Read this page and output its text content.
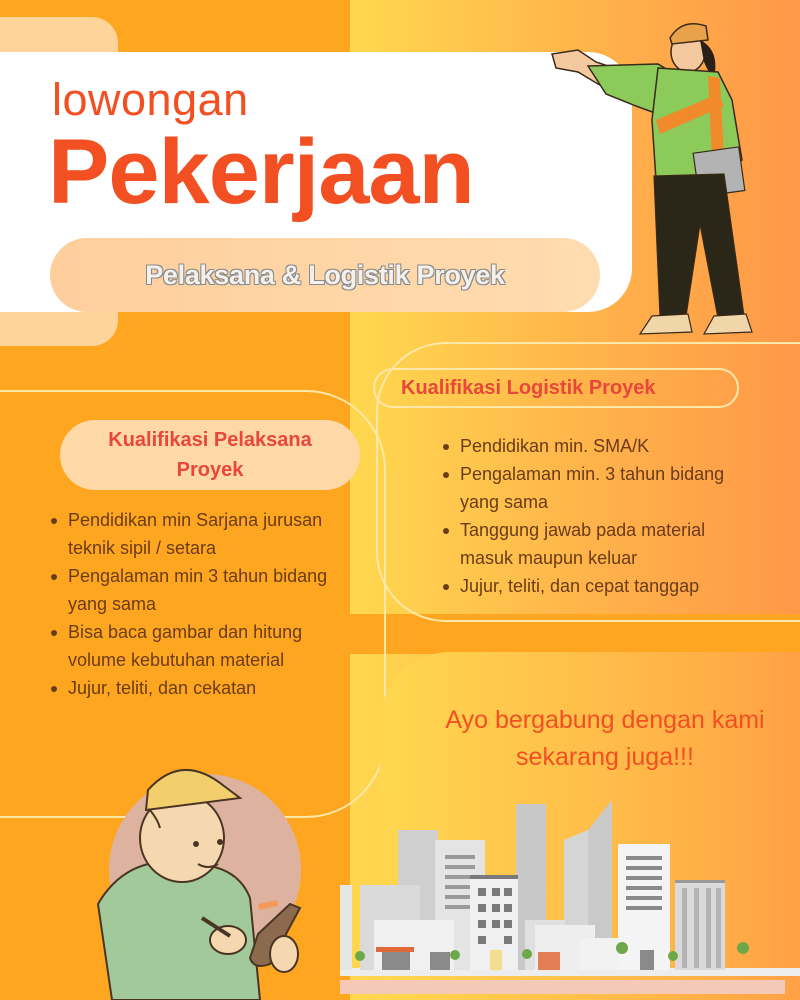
lowongan
Pekerjaan
Pelaksana & Logistik Proyek
Kualifikasi Pelaksana
Proyek
Pendidikan min Sarjana jurusan teknik sipil / setara
Pengalaman min 3 tahun bidang yang sama
Bisa baca gambar dan hitung volume kebutuhan material
Jujur, teliti, dan cekatan
Kualifikasi Logistik Proyek
Pendidikan min. SMA/K
Pengalaman min. 3 tahun bidang yang sama
Tanggung jawab pada material masuk maupun keluar
Jujur, teliti, dan cepat tanggap
Ayo bergabung dengan kami sekarang juga!!!
